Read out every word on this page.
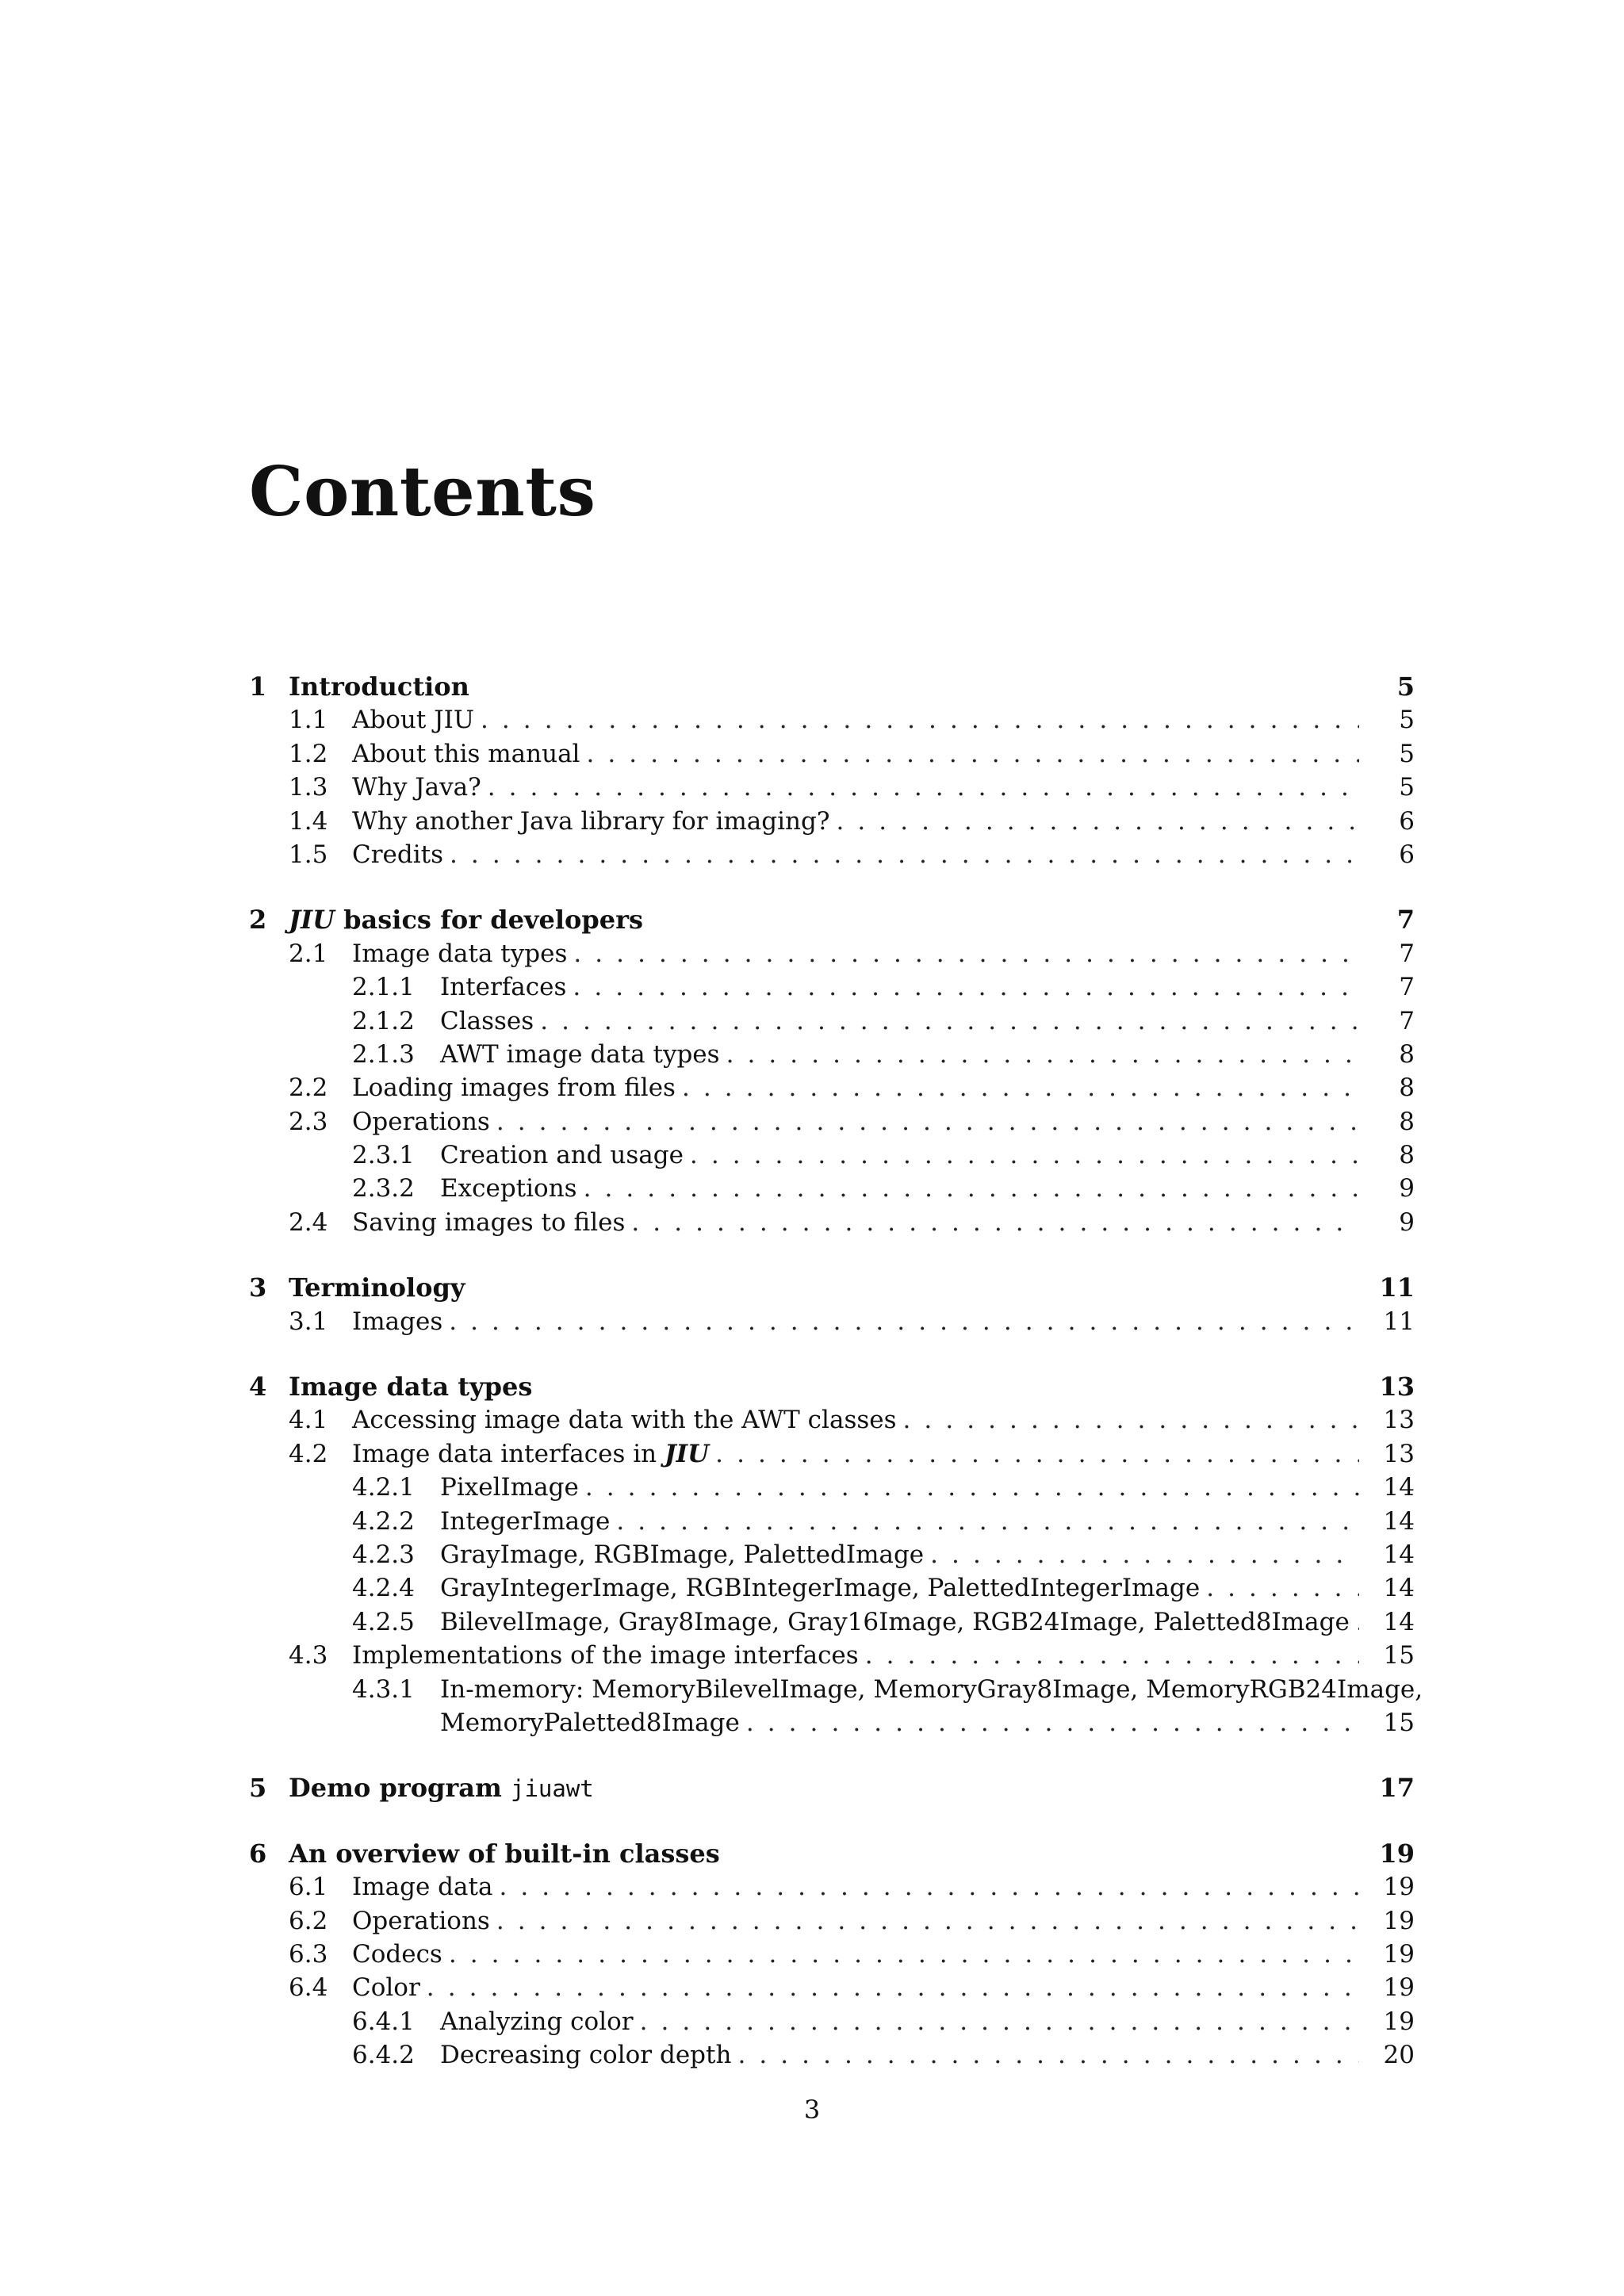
Contents
1 Introduction	5
1.1 About JIU . . .	5
1.2 About this manual . . .	5
1.3 Why Java? . . .	5
1.4 Why another Java library for imaging? . . .	6
1.5 Credits . . .	6
2 JIU basics for developers	7
2.1 Image data types . . .	7
2.1.1	Interfaces . . .	7
2.1.2	Classes . . .	7
2.1.3	AWT image data types . . .	8
2.2 Loading images from files . . .	8
2.3 Operations . . .	8
2.3.1	Creation and usage . . .	8
2.3.2	Exceptions . . .	9
2.4 Saving images to files . . .	9
3 Terminology	11
3.1 Images . . .	11
4 Image data types	13
4.1 Accessing image data with the AWT classes . . .	13
4.2 Image data interfaces in JIU . . .	13
4.2.1	PixelImage . . .	14
4.2.2	IntegerImage . . .	14
4.2.3	GrayImage, RGBImage, PalettedImage . . .	14
4.2.4	GrayIntegerImage, RGBIntegerImage, PalettedIntegerImage . . .	14
4.2.5	BilevelImage, Gray8Image, Gray16Image, RGB24Image, Paletted8Image . . .	14
4.3 Implementations of the image interfaces . . .	15
4.3.1	In-memory: MemoryBilevelImage, MemoryGray8Image, MemoryRGB24Image,
MemoryPaletted8Image . . .	15
5 Demo program jiuawt	17
6 An overview of built-in classes	19
6.1 Image data . . .	19
6.2 Operations . . .	19
6.3 Codecs . . .	19
6.4 Color . . .	19
6.4.1	Analyzing color . . .	19
6.4.2	Decreasing color depth . . .	20
3
